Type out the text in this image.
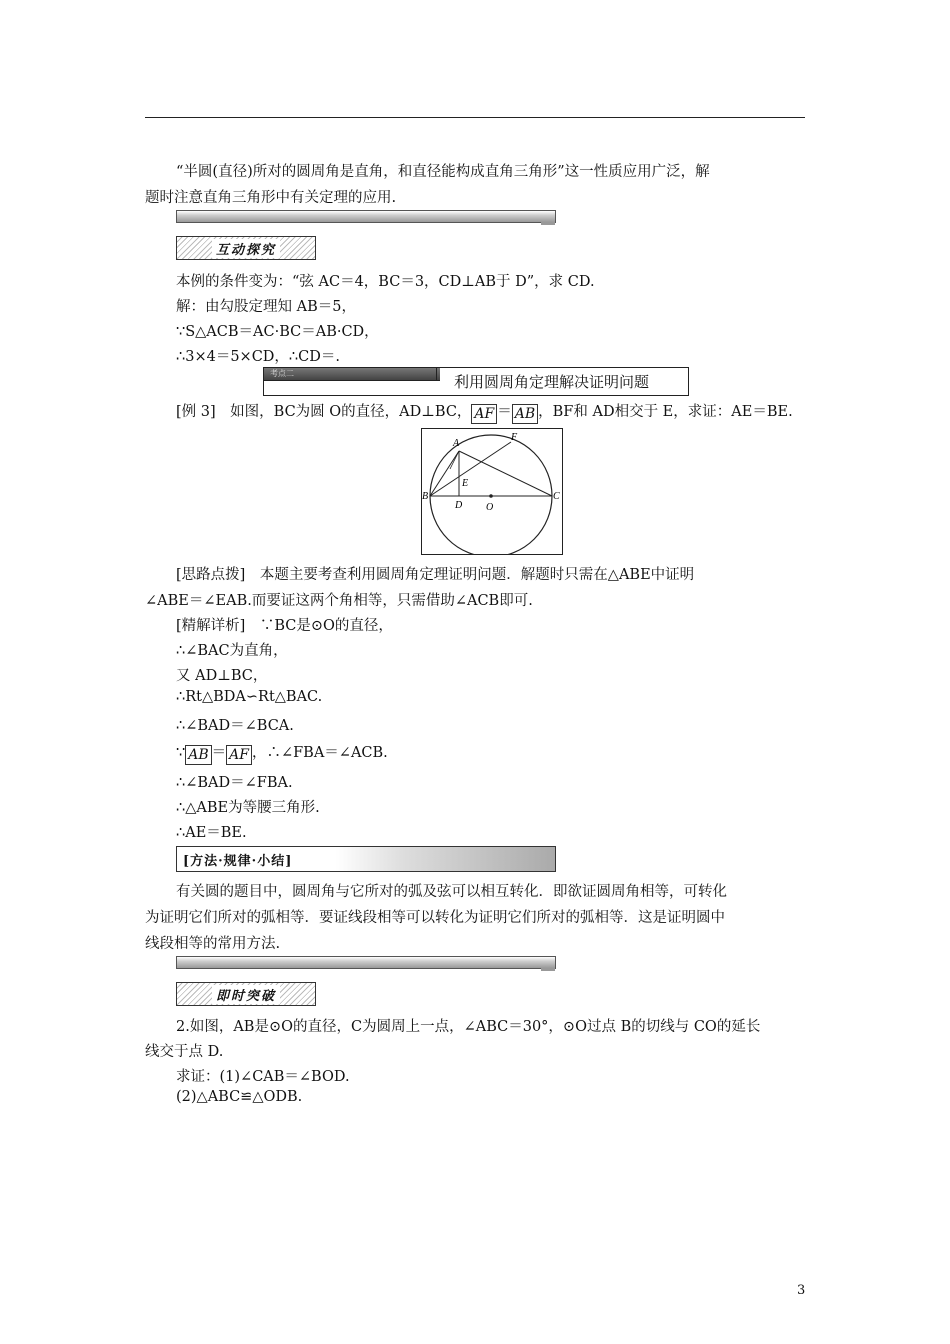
“半圆(直径)所对的圆周角是直角，和直径能构成直角三角形”这一性质应用广泛，解
题时注意直角三角形中有关定理的应用.
互动探究
本例的条件变为：“弦 AC＝4，BC＝3，CD⊥AB于 D”，求 CD.
解：由勾股定理知 AB＝5，
∵S△ACB＝AC·BC＝AB·CD，
∴3×4＝5×CD，∴CD＝.
考点二	利用圆周角定理解决证明问题
[例 3]　如图，BC为圆 O的直径，AD⊥BC， AF ＝ AB ，BF和 AD相交于 E，求证：AE＝BE.
A
F
E
B
D O
C
[思路点拨]　本题主要考查利用圆周角定理证明问题．解题时只需在△ABE中证明
∠ABE＝∠EAB.而要证这两个角相等，只需借助∠ACB即可.
[精解详析]　∵BC是⊙O的直径，
∴∠BAC为直角，
又 AD⊥BC，
∴Rt△BDA∽Rt△BAC.
∴∠BAD＝∠BCA.
∵ AB ＝ AF ，∴∠FBA＝∠ACB.
∴∠BAD＝∠FBA.
∴△ABE为等腰三角形.
∴AE＝BE.
[方法·规律·小结]
有关圆的题目中，圆周角与它所对的弧及弦可以相互转化．即欲证圆周角相等，可转化
为证明它们所对的弧相等．要证线段相等可以转化为证明它们所对的弧相等．这是证明圆中
线段相等的常用方法.
即时突破
2.如图，AB是⊙O的直径，C为圆周上一点，∠ABC＝30°，⊙O过点 B的切线与 CO的延长
线交于点 D.
求证：(1)∠CAB＝∠BOD.
(2)△ABC≌△ODB.
3
